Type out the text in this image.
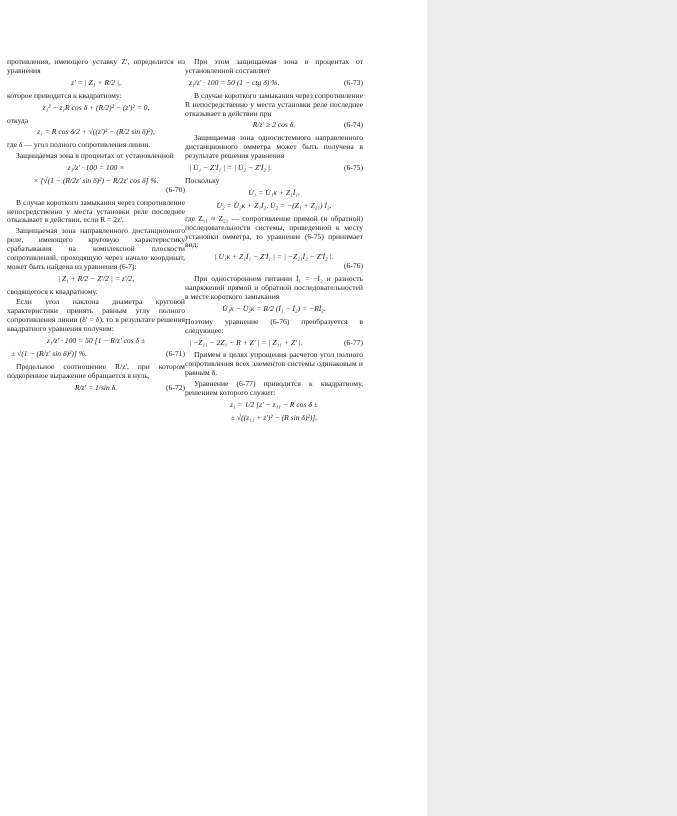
противления, имеющего уставку Z', определится из уравнения

z' = | Z₁ + R/2 |,

которое приводится к квадратному:

z₁² − z₁R cos δ + (R/2)² − (z')² = 0,

откуда

z₁ = R cos δ/2 + √((z')² − (R/2 sin δ)²),

где δ — угол полного сопротивления линии.

Защищаемая зона в процентах от установленной

z₁/z' · 100 = 100 ×
× [√(1 − (R/2z' sin δ)²) − R/2z' cos δ] %.
(6-70)

В случае короткого замыкания через сопротивление непосредственно у места установки реле последнее отказывает в действии, если R = 2z'.

Защищаемая зона направленного дистанционного реле, имеющего круговую характеристику срабатывания на комплексной плоскости сопротивлений, проходящую через начало координат, может быть найдена из уравнения (6-7):

| Z₁ + R/2 − Z'/2 | = z'/2,

сводящегося к квадратному.

Если угол наклона диаметра круговой характеристики принять равным углу полного сопротивления линии (δ' = δ), то в результате решения квадратного уравнения получим:

z₁/z' · 100 = 50 [1 − R/z' cos δ ±
± √(1 − (R/z' sin δ)²)] %.	(6-71)

Предельное соотношение R/z', при котором подкоренное выражение обращается в нуль,

R/z' = 1/sin δ.	(6-72)

При этом защищаемая зона в процентах от установленной составляет

z₁/z' · 100 = 50 (1 − ctg δ) %.	(6-73)

В случае короткого замыкания через сопротивление R непосредственно у места установки реле последнее отказывает в действии при

R/z' ≥ 2 cos δ.	(6-74)

Защищаемая зона односистемного направленного дистанционного омметра может быть получена в результате решения уравнения

| U̇₁ − Z'İ₁ | = | U̇₂ − Z'İ₂ |.	(6-75)

Поскольку

U̇₁ = U̇₁к + Z₁İ₁,
U̇₂ = U̇₂к + Z₁İ₂, U̇₂ = −(Z₁ + Z₂₁) İ₂,

где Z₁₁ ≈ Z₂₁ — сопротивление прямой (и обратной) последовательности системы, приведенной к месту установки омметра, то уравнение (6-75) принимает вид:

| U̇₁к + Z₁İ₁ − Z'İ₁ | = | −Z₂₁İ₂ − Z'İ₂ |.
(6-76)

При одностороннем питании İ₁ = −İ₂ и разность напряжений прямой и обратной последовательностей в месте короткого замыкания

U̇₁к − U̇₂к = R/2 (İ₁ − İ₂) = −Rİ₂.

Поэтому уравнение (6-76) преобразуется в следующее:

| −Z₁₁ − 2Z₁ − R + Z' | = | Z₁₁ + Z' |.	(6-77)

Примем в целях упрощения расчетов угол полного сопротивления всех элементов системы одинаковым и равным δ.

Уравнение (6-77) приводится к квадратному, решением которого служит:

z₁ = 1/2 [z' − z₁₁ − R cos δ ±
± √((z₁₁ + z')² − (R sin δ)²)],
